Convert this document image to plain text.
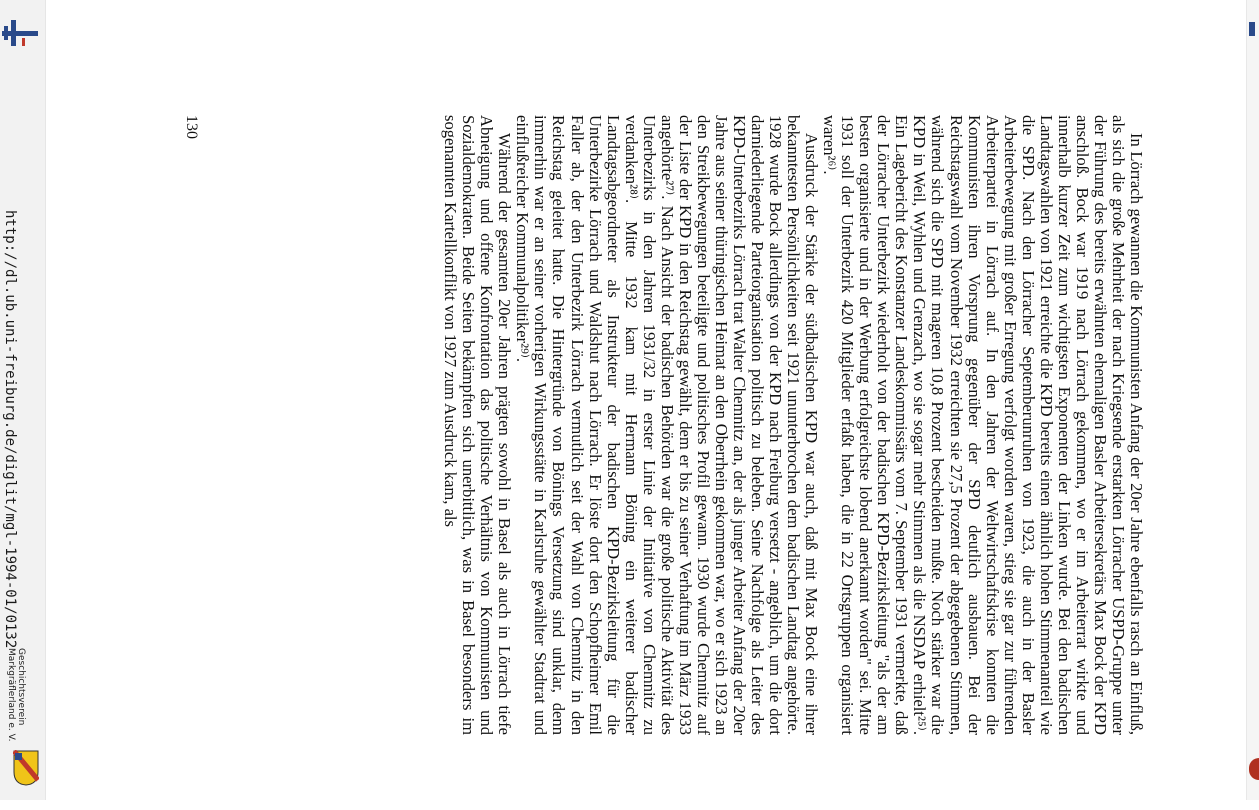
http://dl.ub.uni-freiburg.de/diglit/mgl-1994-01/0132
Geschichtsverein
Markgräflerland e. V.	In Lörrach gewannen die Kommunisten Anfang der 20er Jahre ebenfalls rasch an Einfluß, als sich die große Mehrheit der nach Kriegsende erstarkten Lörracher USPD-Gruppe unter der Führung des bereits erwähnten ehemaligen Basler Arbeitersekretärs Max Bock der KPD anschloß. Bock war 1919 nach Lörrach gekommen, wo er im Arbeiterrat wirkte und innerhalb kurzer Zeit zum wichtigsten Exponenten der Linken wurde. Bei den badischen Landtagswahlen von 1921 erreichte die KPD bereits einen ähnlich hohen Stimmenanteil wie die SPD. Nach den Lörracher Septemberunruhen von 1923, die auch in der Basler Arbeiterbewegung mit großer Erregung verfolgt worden waren, stieg sie gar zur führenden Arbeiterpartei in Lörrach auf. In den Jahren der Weltwirtschaftskrise konnten die Kommunisten ihren Vorsprung gegenüber der SPD deutlich ausbauen. Bei der Reichstagswahl vom November 1932 erreichten sie 27,5 Prozent der abgegebenen Stimmen, während sich die SPD mit mageren 10,8 Prozent bescheiden mußte. Noch stärker war die KPD in Weil, Wyhlen und Grenzach, wo sie sogar mehr Stimmen als die NSDAP erhielt²⁵⁾. Ein Lagebericht des Konstanzer Landeskommissärs vom 7. September 1931 vermerkte, daß der Lörracher Unterbezirk wiederholt von der badischen KPD-Bezirksleitung "als der am besten organisierte und in der Werbung erfolgreichste lobend anerkannt worden" sei. Mitte 1931 soll der Unterbezirk 420 Mitglieder erfaßt haben, die in 22 Ortsgruppen organisiert waren²⁶⁾.

Ausdruck der Stärke der südbadischen KPD war auch, daß mit Max Bock eine ihrer bekanntesten Persönlichkeiten seit 1921 ununterbrochen dem badischen Landtag angehörte. 1928 wurde Bock allerdings von der KPD nach Freiburg versetzt - angeblich, um die dort darniederliegende Parteiorganisation politisch zu beleben. Seine Nachfolge als Leiter des KPD-Unterbezirks Lörrach trat Walter Chemnitz an, der als junger Arbeiter Anfang der 20er Jahre aus seiner thüringischen Heimat an den Oberrhein gekommen war, wo er sich 1923 an den Streikbewegungen beteiligte und politisches Profil gewann. 1930 wurde Chemnitz auf der Liste der KPD in den Reichstag gewählt, dem er bis zu seiner Verhaftung im März 1933 angehörte²⁷⁾. Nach Ansicht der badischen Behörden war die große politische Aktivität des Unterbezirks in den Jahren 1931/32 in erster Linie der Initiative von Chemnitz zu verdanken²⁸⁾. Mitte 1932 kam mit Hermann Böning ein weiterer badischer Landtagsabgeordneter als Instrukteur der badischen KPD-Bezirksleitung für die Unterbezirke Lörrach und Waldshut nach Lörrach. Er löste dort den Schopfheimer Emil Faller ab, der den Unterbezirk Lörrach vermutlich seit der Wahl von Chemnitz in den Reichstag geleitet hatte. Die Hintergründe von Bönings Versetzung sind unklar, denn immerhin war er an seiner vorherigen Wirkungsstätte in Karlsruhe gewählter Stadtrat und einflußreicher Kommunalpolitiker²⁹⁾.

Während der gesamten 20er Jahren prägten sowohl in Basel als auch in Lörrach tiefe Abneigung und offene Konfrontation das politische Verhältnis von Kommunisten und Sozialdemokraten. Beide Seiten bekämpften sich unerbittlich, was in Basel besonders im sogenannten Kartellkonflikt von 1927 zum Ausdruck kam, als

130
